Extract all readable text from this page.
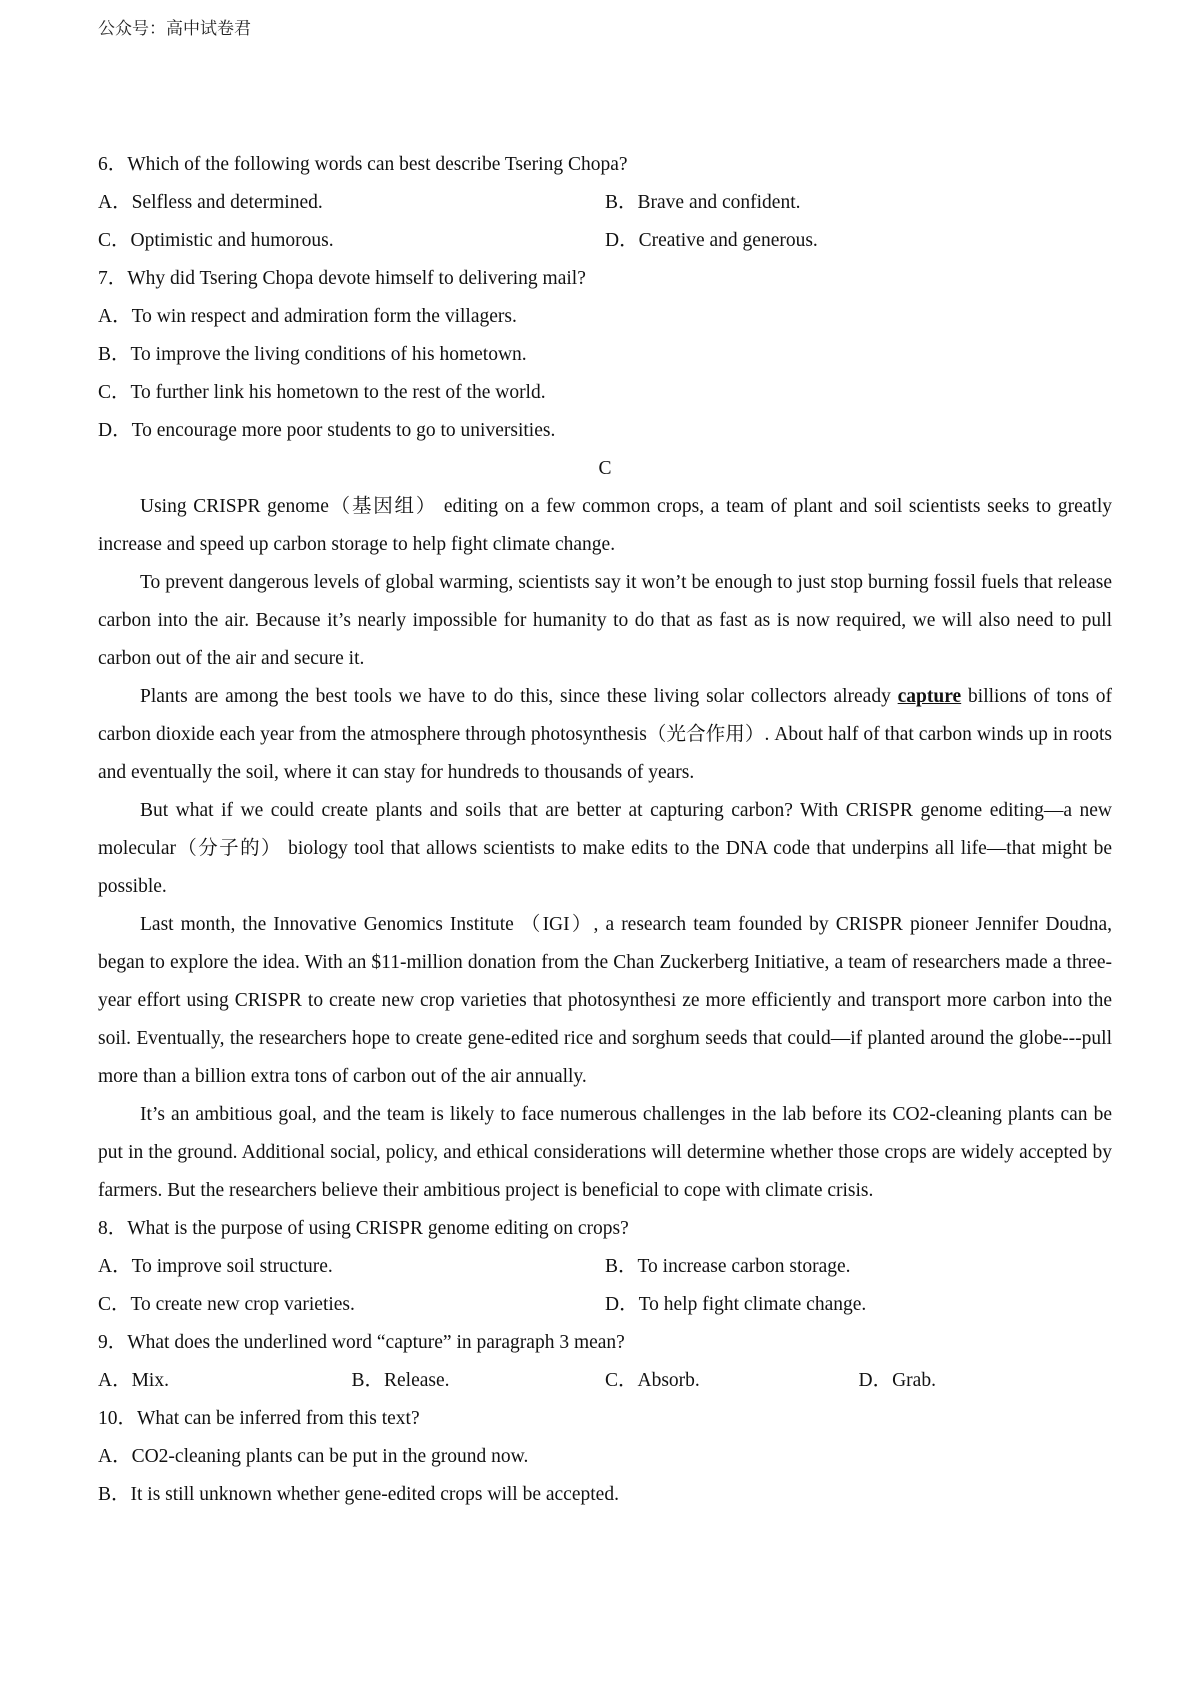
公众号：高中试卷君
6．Which of the following words can best describe Tsering Chopa?
A．Selfless and determined.	B．Brave and confident.
C．Optimistic and humorous.	D．Creative and generous.
7．Why did Tsering Chopa devote himself to delivering mail?
A．To win respect and admiration form the villagers.
B．To improve the living conditions of his hometown.
C．To further link his hometown to the rest of the world.
D．To encourage more poor students to go to universities.
C
Using CRISPR genome（基因组） editing on a few common crops, a team of plant and soil scientists seeks to greatly increase and speed up carbon storage to help fight climate change.
To prevent dangerous levels of global warming, scientists say it won’t be enough to just stop burning fossil fuels that release carbon into the air. Because it’s nearly impossible for humanity to do that as fast as is now required, we will also need to pull carbon out of the air and secure it.
Plants are among the best tools we have to do this, since these living solar collectors already capture billions of tons of carbon dioxide each year from the atmosphere through photosynthesis（光合作用）. About half of that carbon winds up in roots and eventually the soil, where it can stay for hundreds to thousands of years.
But what if we could create plants and soils that are better at capturing carbon? With CRISPR genome editing—a new molecular（分子的） biology tool that allows scientists to make edits to the DNA code that underpins all life—that might be possible.
Last month, the Innovative Genomics Institute （IGI）, a research team founded by CRISPR pioneer Jennifer Doudna, began to explore the idea. With an $11-million donation from the Chan Zuckerberg Initiative, a team of researchers made a three-year effort using CRISPR to create new crop varieties that photosynthesi ze more efficiently and transport more carbon into the soil. Eventually, the researchers hope to create gene-edited rice and sorghum seeds that could—if planted around the globe---pull more than a billion extra tons of carbon out of the air annually.
It’s an ambitious goal, and the team is likely to face numerous challenges in the lab before its CO2-cleaning plants can be put in the ground. Additional social, policy, and ethical considerations will determine whether those crops are widely accepted by farmers. But the researchers believe their ambitious project is beneficial to cope with climate crisis.
8．What is the purpose of using CRISPR genome editing on crops?
A．To improve soil structure.	B．To increase carbon storage.
C．To create new crop varieties.	D．To help fight climate change.
9．What does the underlined word “capture” in paragraph 3 mean?
A．Mix.	B．Release.	C．Absorb.	D．Grab.
10．What can be inferred from this text?
A．CO2-cleaning plants can be put in the ground now.
B．It is still unknown whether gene-edited crops will be accepted.
